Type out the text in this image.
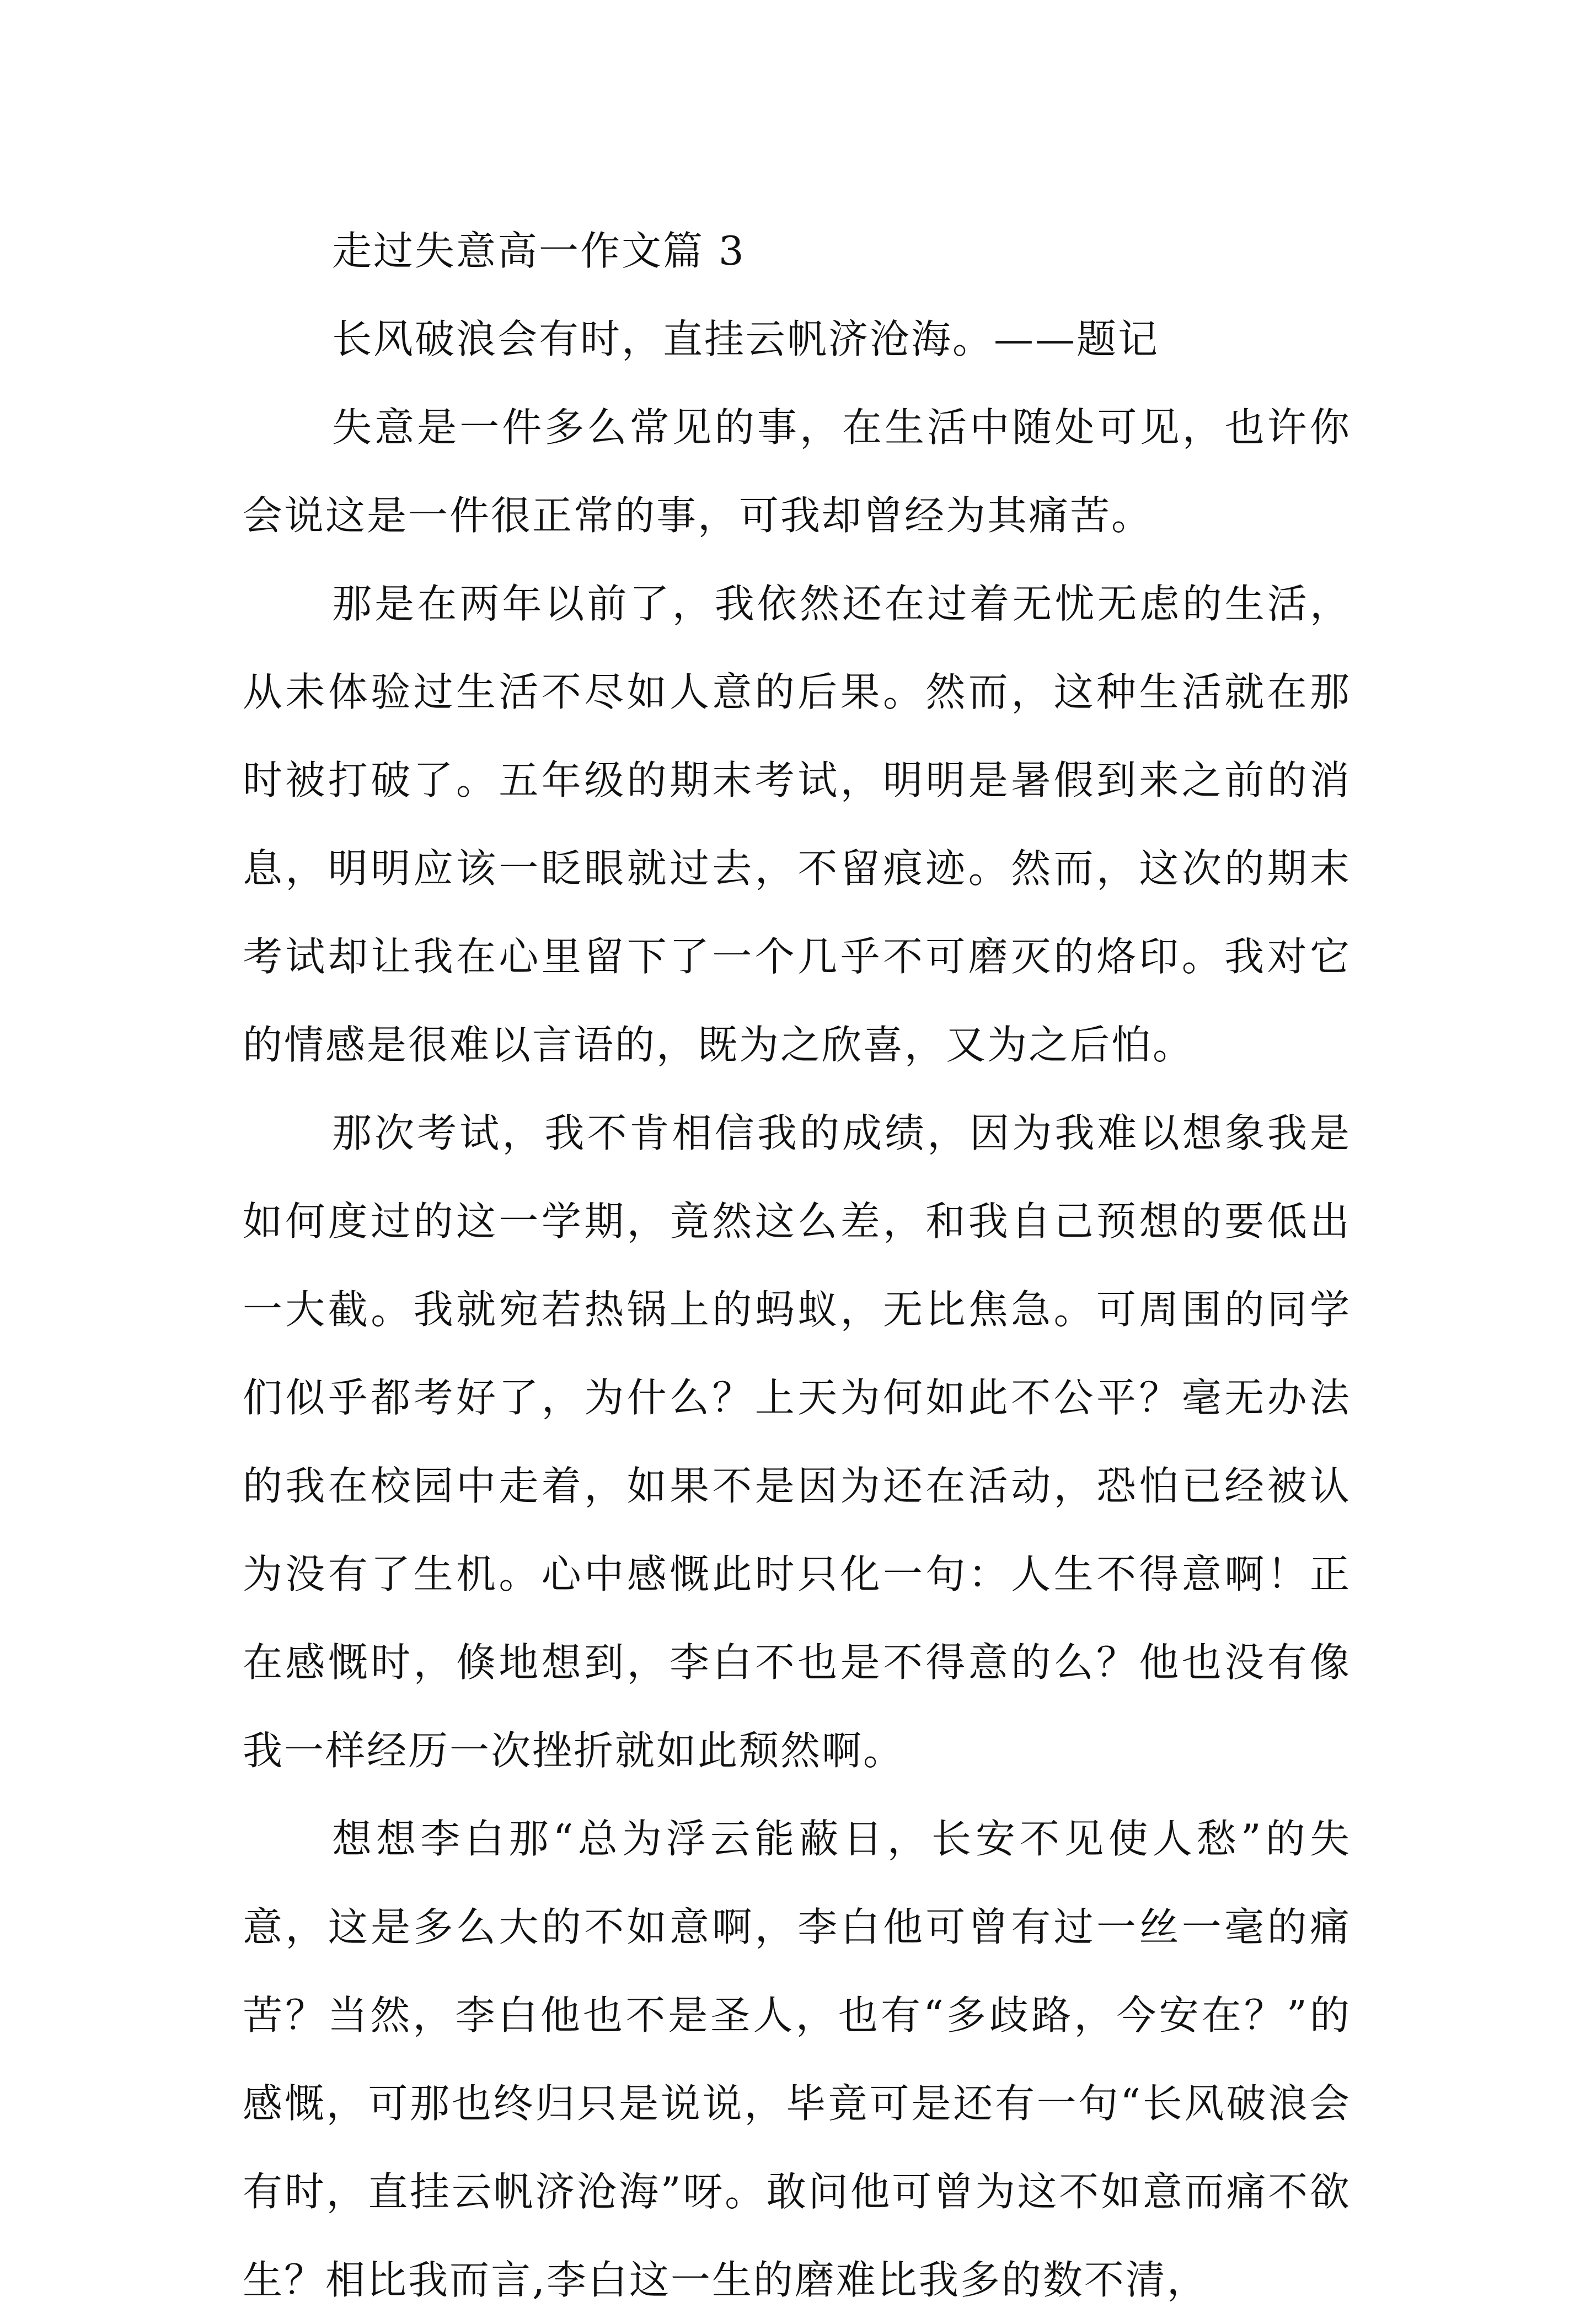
走过失意高一作文篇 3

长风破浪会有时，直挂云帆济沧海。——题记

失意是一件多么常见的事，在生活中随处可见，也许你会说这是一件很正常的事，可我却曾经为其痛苦。

那是在两年以前了，我依然还在过着无忧无虑的生活，从未体验过生活不尽如人意的后果。然而，这种生活就在那时被打破了。五年级的期末考试，明明是暑假到来之前的消息，明明应该一眨眼就过去，不留痕迹。然而，这次的期末考试却让我在心里留下了一个几乎不可磨灭的烙印。我对它的情感是很难以言语的，既为之欣喜，又为之后怕。

那次考试，我不肯相信我的成绩，因为我难以想象我是如何度过的这一学期，竟然这么差，和我自己预想的要低出一大截。我就宛若热锅上的蚂蚁，无比焦急。可周围的同学们似乎都考好了，为什么？上天为何如此不公平？毫无办法的我在校园中走着，如果不是因为还在活动，恐怕已经被认为没有了生机。心中感慨此时只化一句：人生不得意啊！正在感慨时，倏地想到，李白不也是不得意的么？他也没有像我一样经历一次挫折就如此颓然啊。

想想李白那“总为浮云能蔽日，长安不见使人愁”的失意，这是多么大的不如意啊，李白他可曾有过一丝一毫的痛苦？当然，李白他也不是圣人，也有“多歧路，今安在？”的感慨，可那也终归只是说说，毕竟可是还有一句“长风破浪会有时，直挂云帆济沧海”呀。敢问他可曾为这不如意而痛不欲生？相比我而言,李白这一生的磨难比我多的数不清，
